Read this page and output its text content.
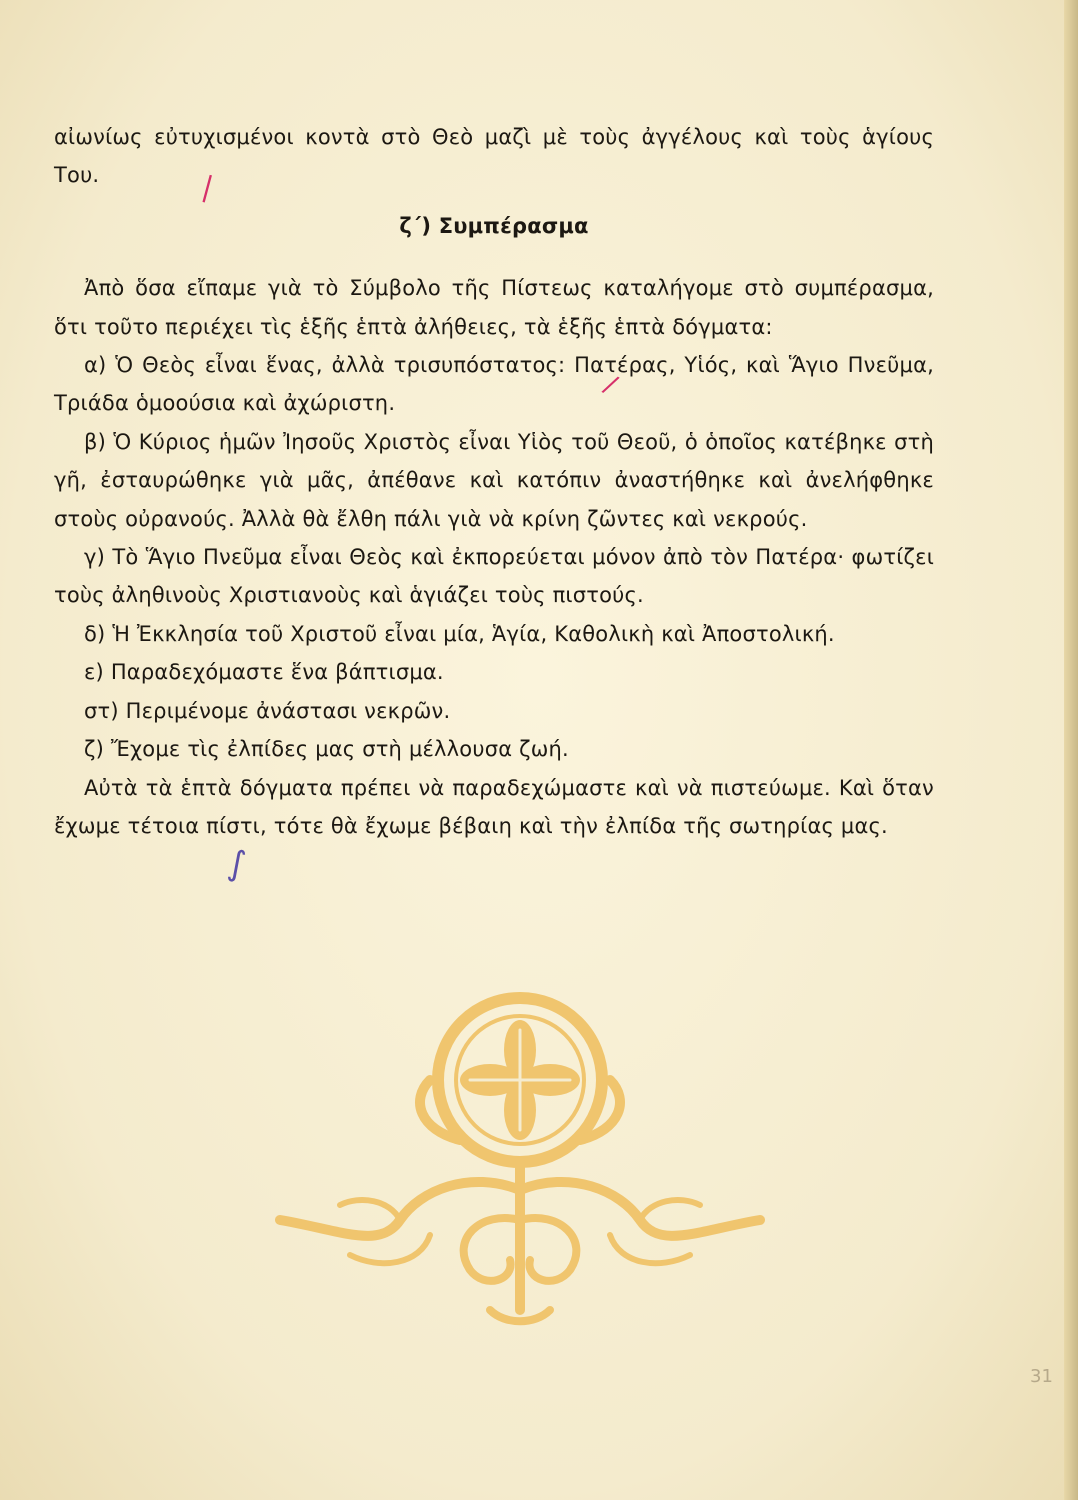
αἰωνίως εὐτυχισμένοι κοντὰ στὸ Θεὸ μαζὶ μὲ τοὺς ἀγγέλους καὶ τοὺς ἁγίους Του.

ζ΄) Συμπέρασμα

Ἀπὸ ὅσα εἴπαμε γιὰ τὸ Σύμβολο τῆς Πίστεως καταλήγομε στὸ συμπέρασμα, ὅτι τοῦτο περιέχει τὶς ἑξῆς ἑπτὰ ἀλήθειες, τὰ ἑξῆς ἑπτὰ δόγματα:

α) Ὁ Θεὸς εἶναι ἕνας, ἀλλὰ τρισυπόστατος: Πατέρας, Υἱός, καὶ Ἅγιο Πνεῦμα, Τριάδα ὁμοούσια καὶ ἀχώριστη.

β) Ὁ Κύριος ἡμῶν Ἰησοῦς Χριστὸς εἶναι Υἱὸς τοῦ Θεοῦ, ὁ ὁποῖος κατέβηκε στὴ γῆ, ἐσταυρώθηκε γιὰ μᾶς, ἀπέθανε καὶ κατόπιν ἀναστήθηκε καὶ ἀνελήφθηκε στοὺς οὐρανούς. Ἀλλὰ θὰ ἔλθη πάλι γιὰ νὰ κρίνη ζῶντες καὶ νεκρούς.

γ) Τὸ Ἅγιο Πνεῦμα εἶναι Θεὸς καὶ ἐκπορεύεται μόνον ἀπὸ τὸν Πατέρα· φωτίζει τοὺς ἀληθινοὺς Χριστιανοὺς καὶ ἁγιάζει τοὺς πιστούς.

δ) Ἡ Ἐκκλησία τοῦ Χριστοῦ εἶναι μία, Ἁγία, Καθολικὴ καὶ Ἀποστολική.

ε) Παραδεχόμαστε ἕνα βάπτισμα.

στ) Περιμένομε ἀνάστασι νεκρῶν.

ζ) Ἔχομε τὶς ἐλπίδες μας στὴ μέλλουσα ζωή.

Αὐτὰ τὰ ἑπτὰ δόγματα πρέπει νὰ παραδεχώμαστε καὶ νὰ πιστεύωμε. Καὶ ὅταν ἔχωμε τέτοια πίστι, τότε θὰ ἔχωμε βέβαιη καὶ τὴν ἐλπίδα τῆς σωτηρίας μας.

❘
/
∫
31
